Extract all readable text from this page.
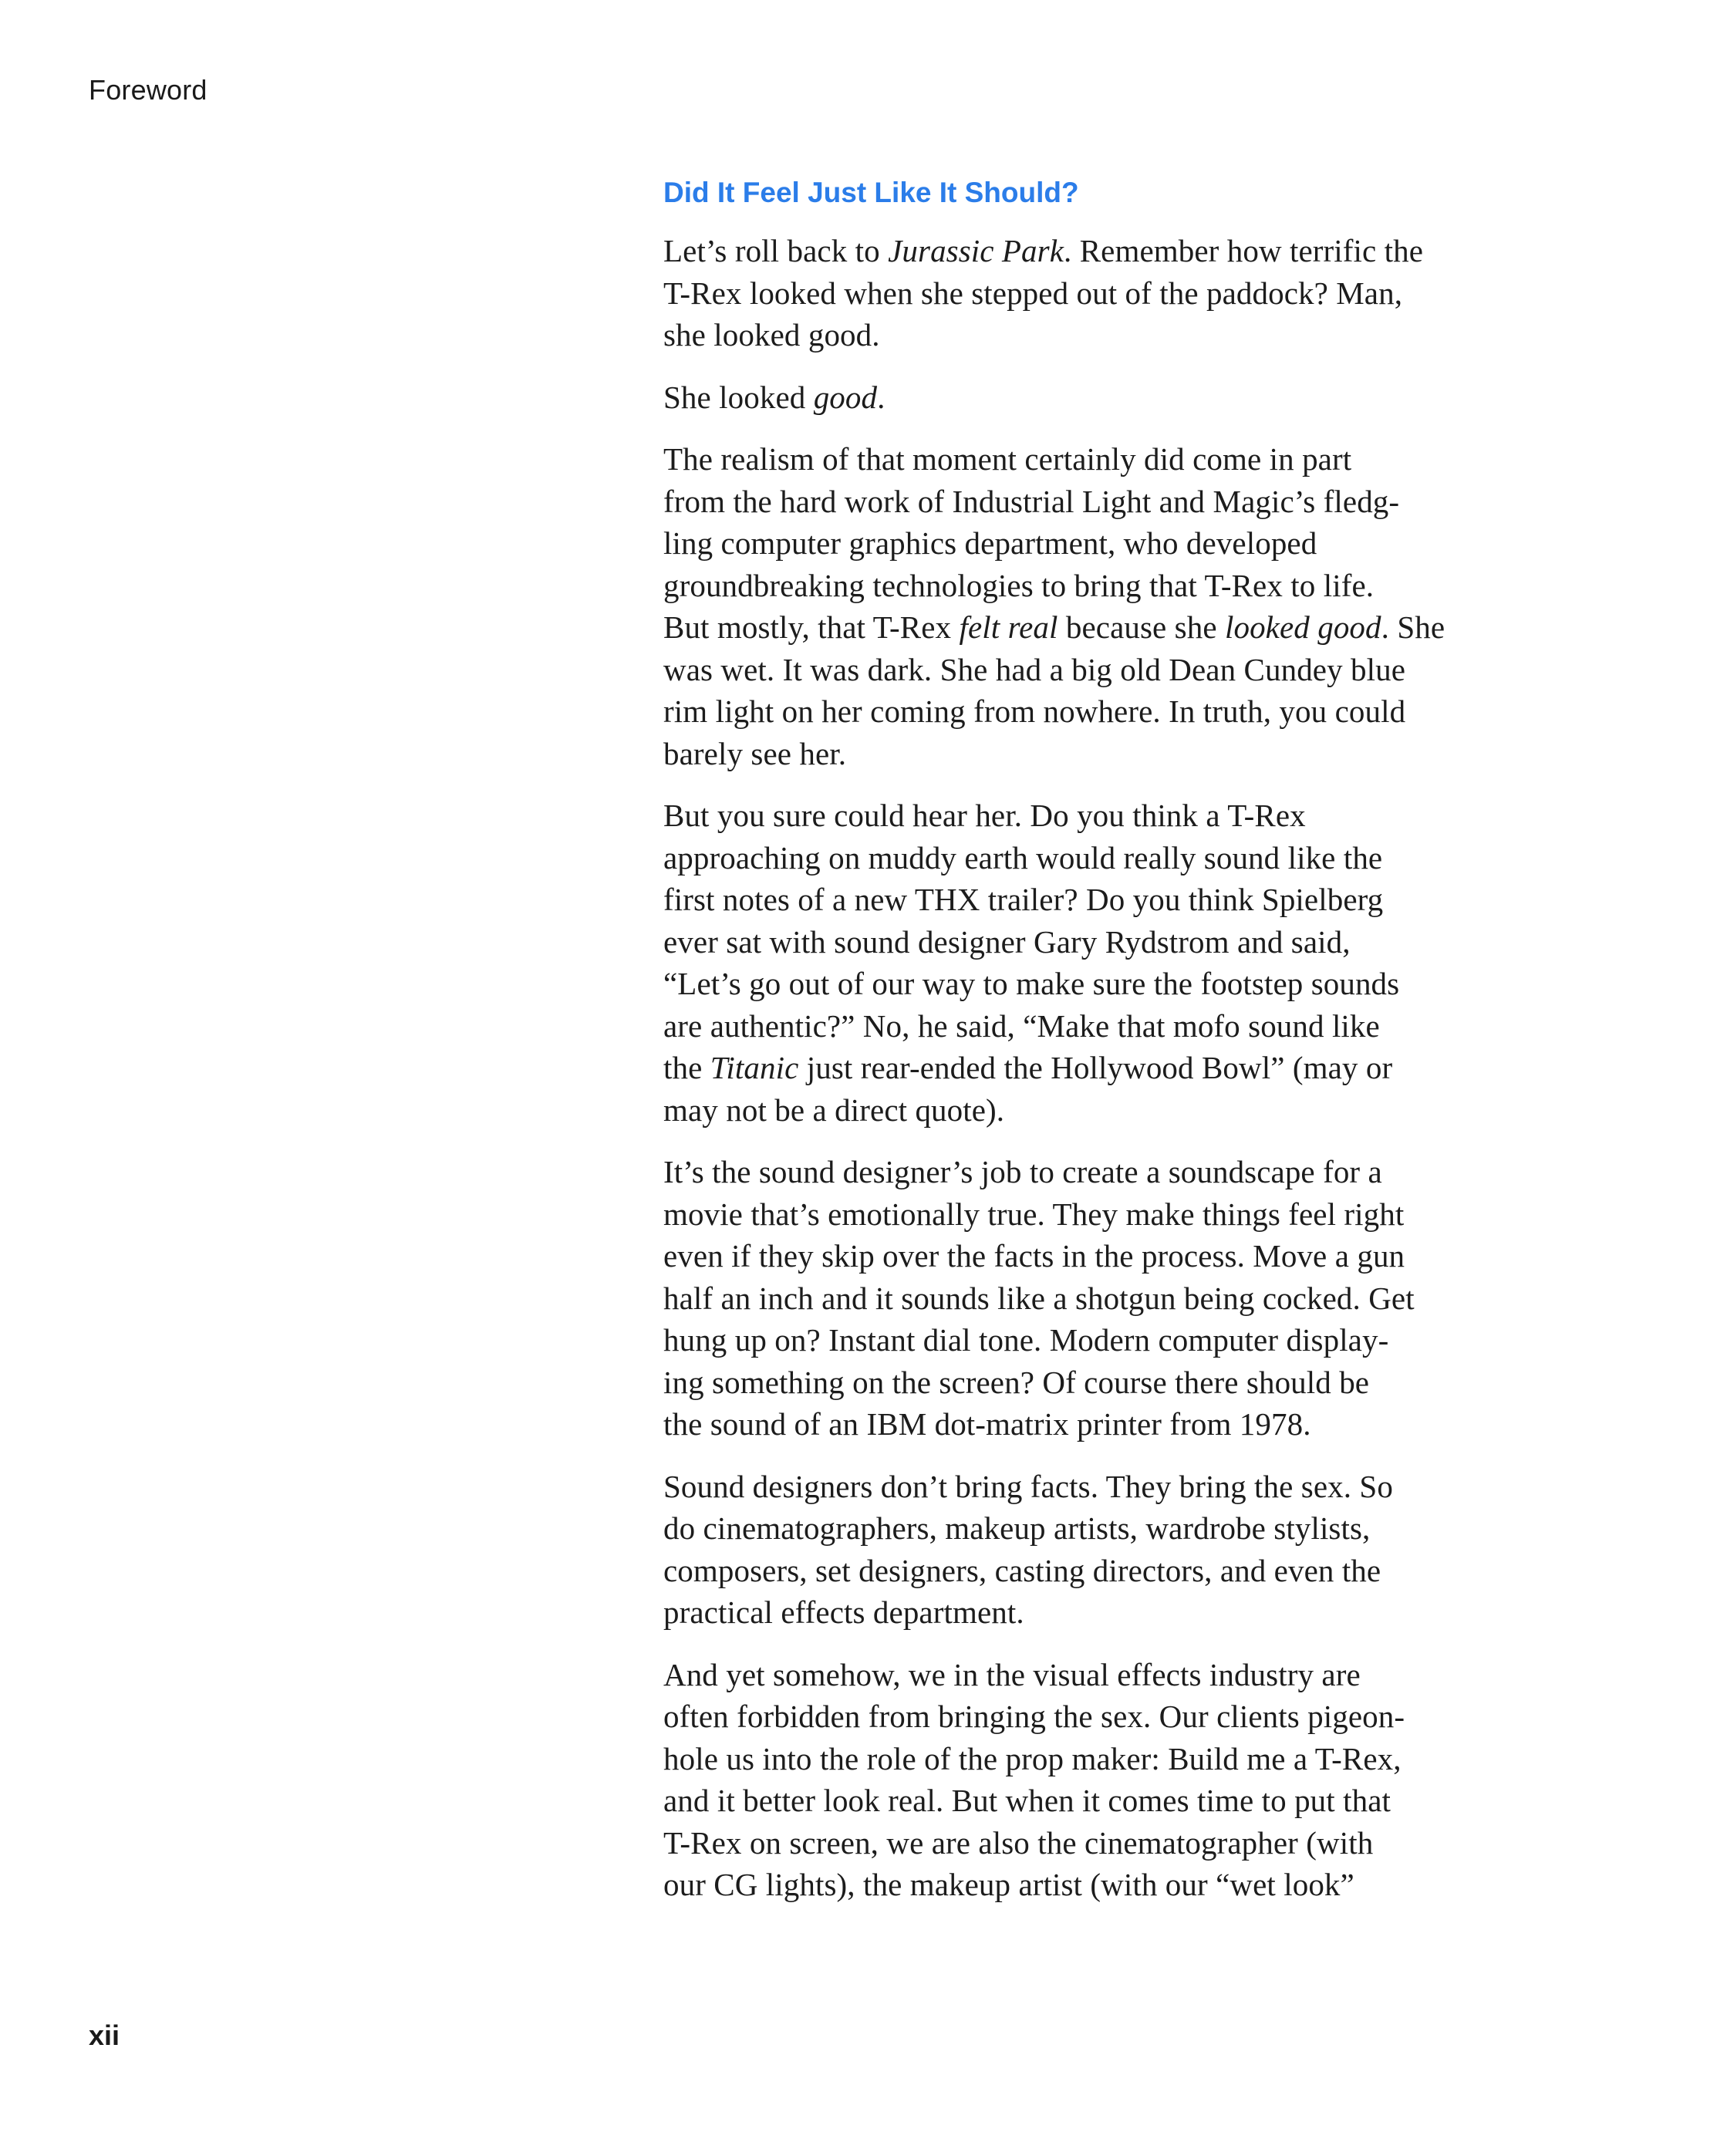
Foreword
Did It Feel Just Like It Should?

Let’s roll back to Jurassic Park. Remember how terrific the
T-Rex looked when she stepped out of the paddock? Man,
she looked good.

She looked good.

The realism of that moment certainly did come in part
from the hard work of Industrial Light and Magic’s fledg-
ling computer graphics department, who developed
groundbreaking technologies to bring that T-Rex to life.
But mostly, that T-Rex felt real because she looked good. She
was wet. It was dark. She had a big old Dean Cundey blue
rim light on her coming from nowhere. In truth, you could
barely see her.

But you sure could hear her. Do you think a T-Rex
approaching on muddy earth would really sound like the
first notes of a new THX trailer? Do you think Spielberg
ever sat with sound designer Gary Rydstrom and said,
“Let’s go out of our way to make sure the footstep sounds
are authentic?” No, he said, “Make that mofo sound like
the Titanic just rear-ended the Hollywood Bowl” (may or
may not be a direct quote).

It’s the sound designer’s job to create a soundscape for a
movie that’s emotionally true. They make things feel right
even if they skip over the facts in the process. Move a gun
half an inch and it sounds like a shotgun being cocked. Get
hung up on? Instant dial tone. Modern computer display-
ing something on the screen? Of course there should be
the sound of an IBM dot-matrix printer from 1978.

Sound designers don’t bring facts. They bring the sex. So
do cinematographers, makeup artists, wardrobe stylists,
composers, set designers, casting directors, and even the
practical effects department.

And yet somehow, we in the visual effects industry are
often forbidden from bringing the sex. Our clients pigeon-
hole us into the role of the prop maker: Build me a T-Rex,
and it better look real. But when it comes time to put that
T-Rex on screen, we are also the cinematographer (with
our CG lights), the makeup artist (with our “wet look”

xii
